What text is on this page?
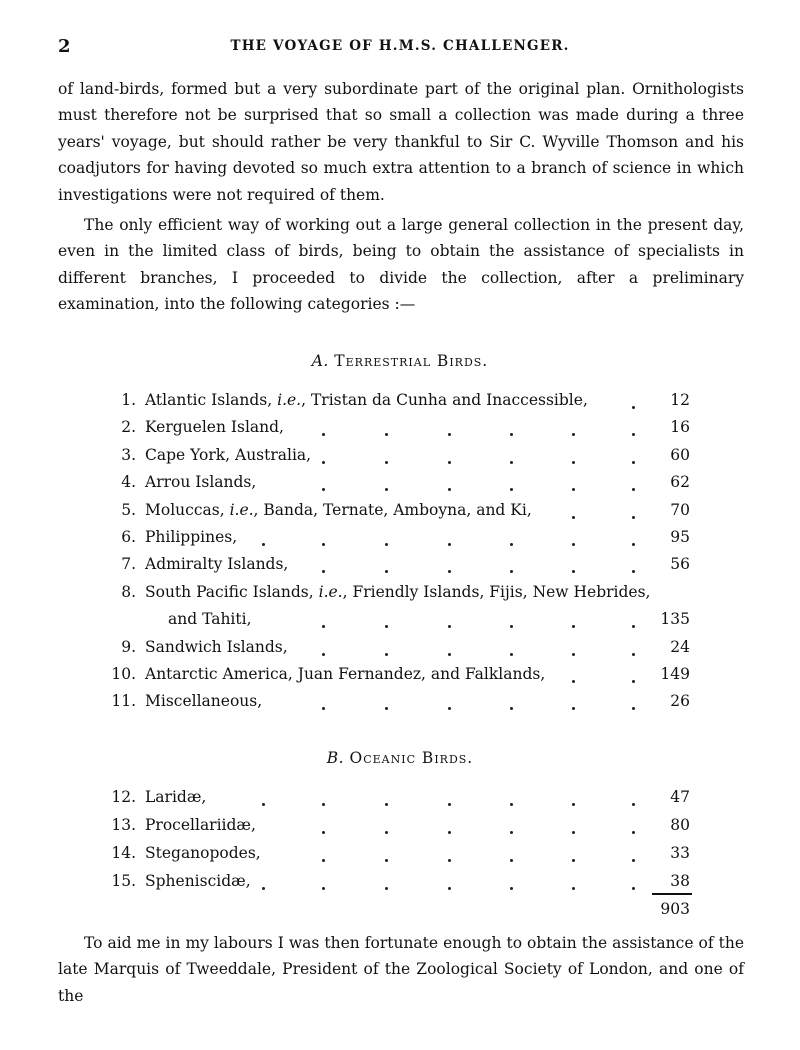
2	THE VOYAGE OF H.M.S. CHALLENGER.

of land-birds, formed but a very subordinate part of the original plan. Ornithologists must therefore not be surprised that so small a collection was made during a three years' voyage, but should rather be very thankful to Sir C. Wyville Thomson and his coadjutors for having devoted so much extra attention to a branch of science in which investigations were not required of them.

The only efficient way of working out a large general collection in the present day, even in the limited class of birds, being to obtain the assistance of specialists in different branches, I proceeded to divide the collection, after a preliminary examination, into the following categories :—

A. Terrestrial Birds.
1. Atlantic Islands, i.e., Tristan da Cunha and Inaccessible,	12
2. Kerguelen Island,	16
3. Cape York, Australia,	60
4. Arrou Islands,	62
5. Moluccas, i.e., Banda, Ternate, Amboyna, and Ki,	70
6. Philippines,	95
7. Admiralty Islands,	56
8. South Pacific Islands, i.e., Friendly Islands, Fijis, New Hebrides,
and Tahiti,	135
9. Sandwich Islands,	24
10. Antarctic America, Juan Fernandez, and Falklands,	149
11. Miscellaneous,	26
B. Oceanic Birds.
12. Laridæ,	47
13. Procellariidæ,	80
14. Steganopodes,	33
15. Spheniscidæ,	38
903

To aid me in my labours I was then fortunate enough to obtain the assistance of the late Marquis of Tweeddale, President of the Zoological Society of London, and one of the
